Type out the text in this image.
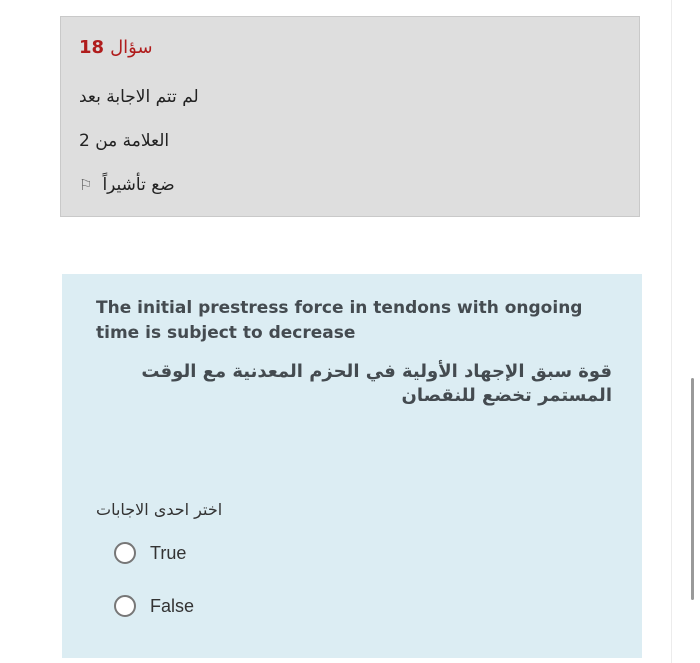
سؤال18
لم تتم الاجابة بعد
العلامة من 2
ضع تأشيراً⚐
The initial prestress force in tendons with ongoing time is subject to decrease
قوة سبق الإجهاد الأولية في الحزم المعدنية مع الوقت المستمر تخضع للنقصان
اختر احدى الاجابات
True
False
